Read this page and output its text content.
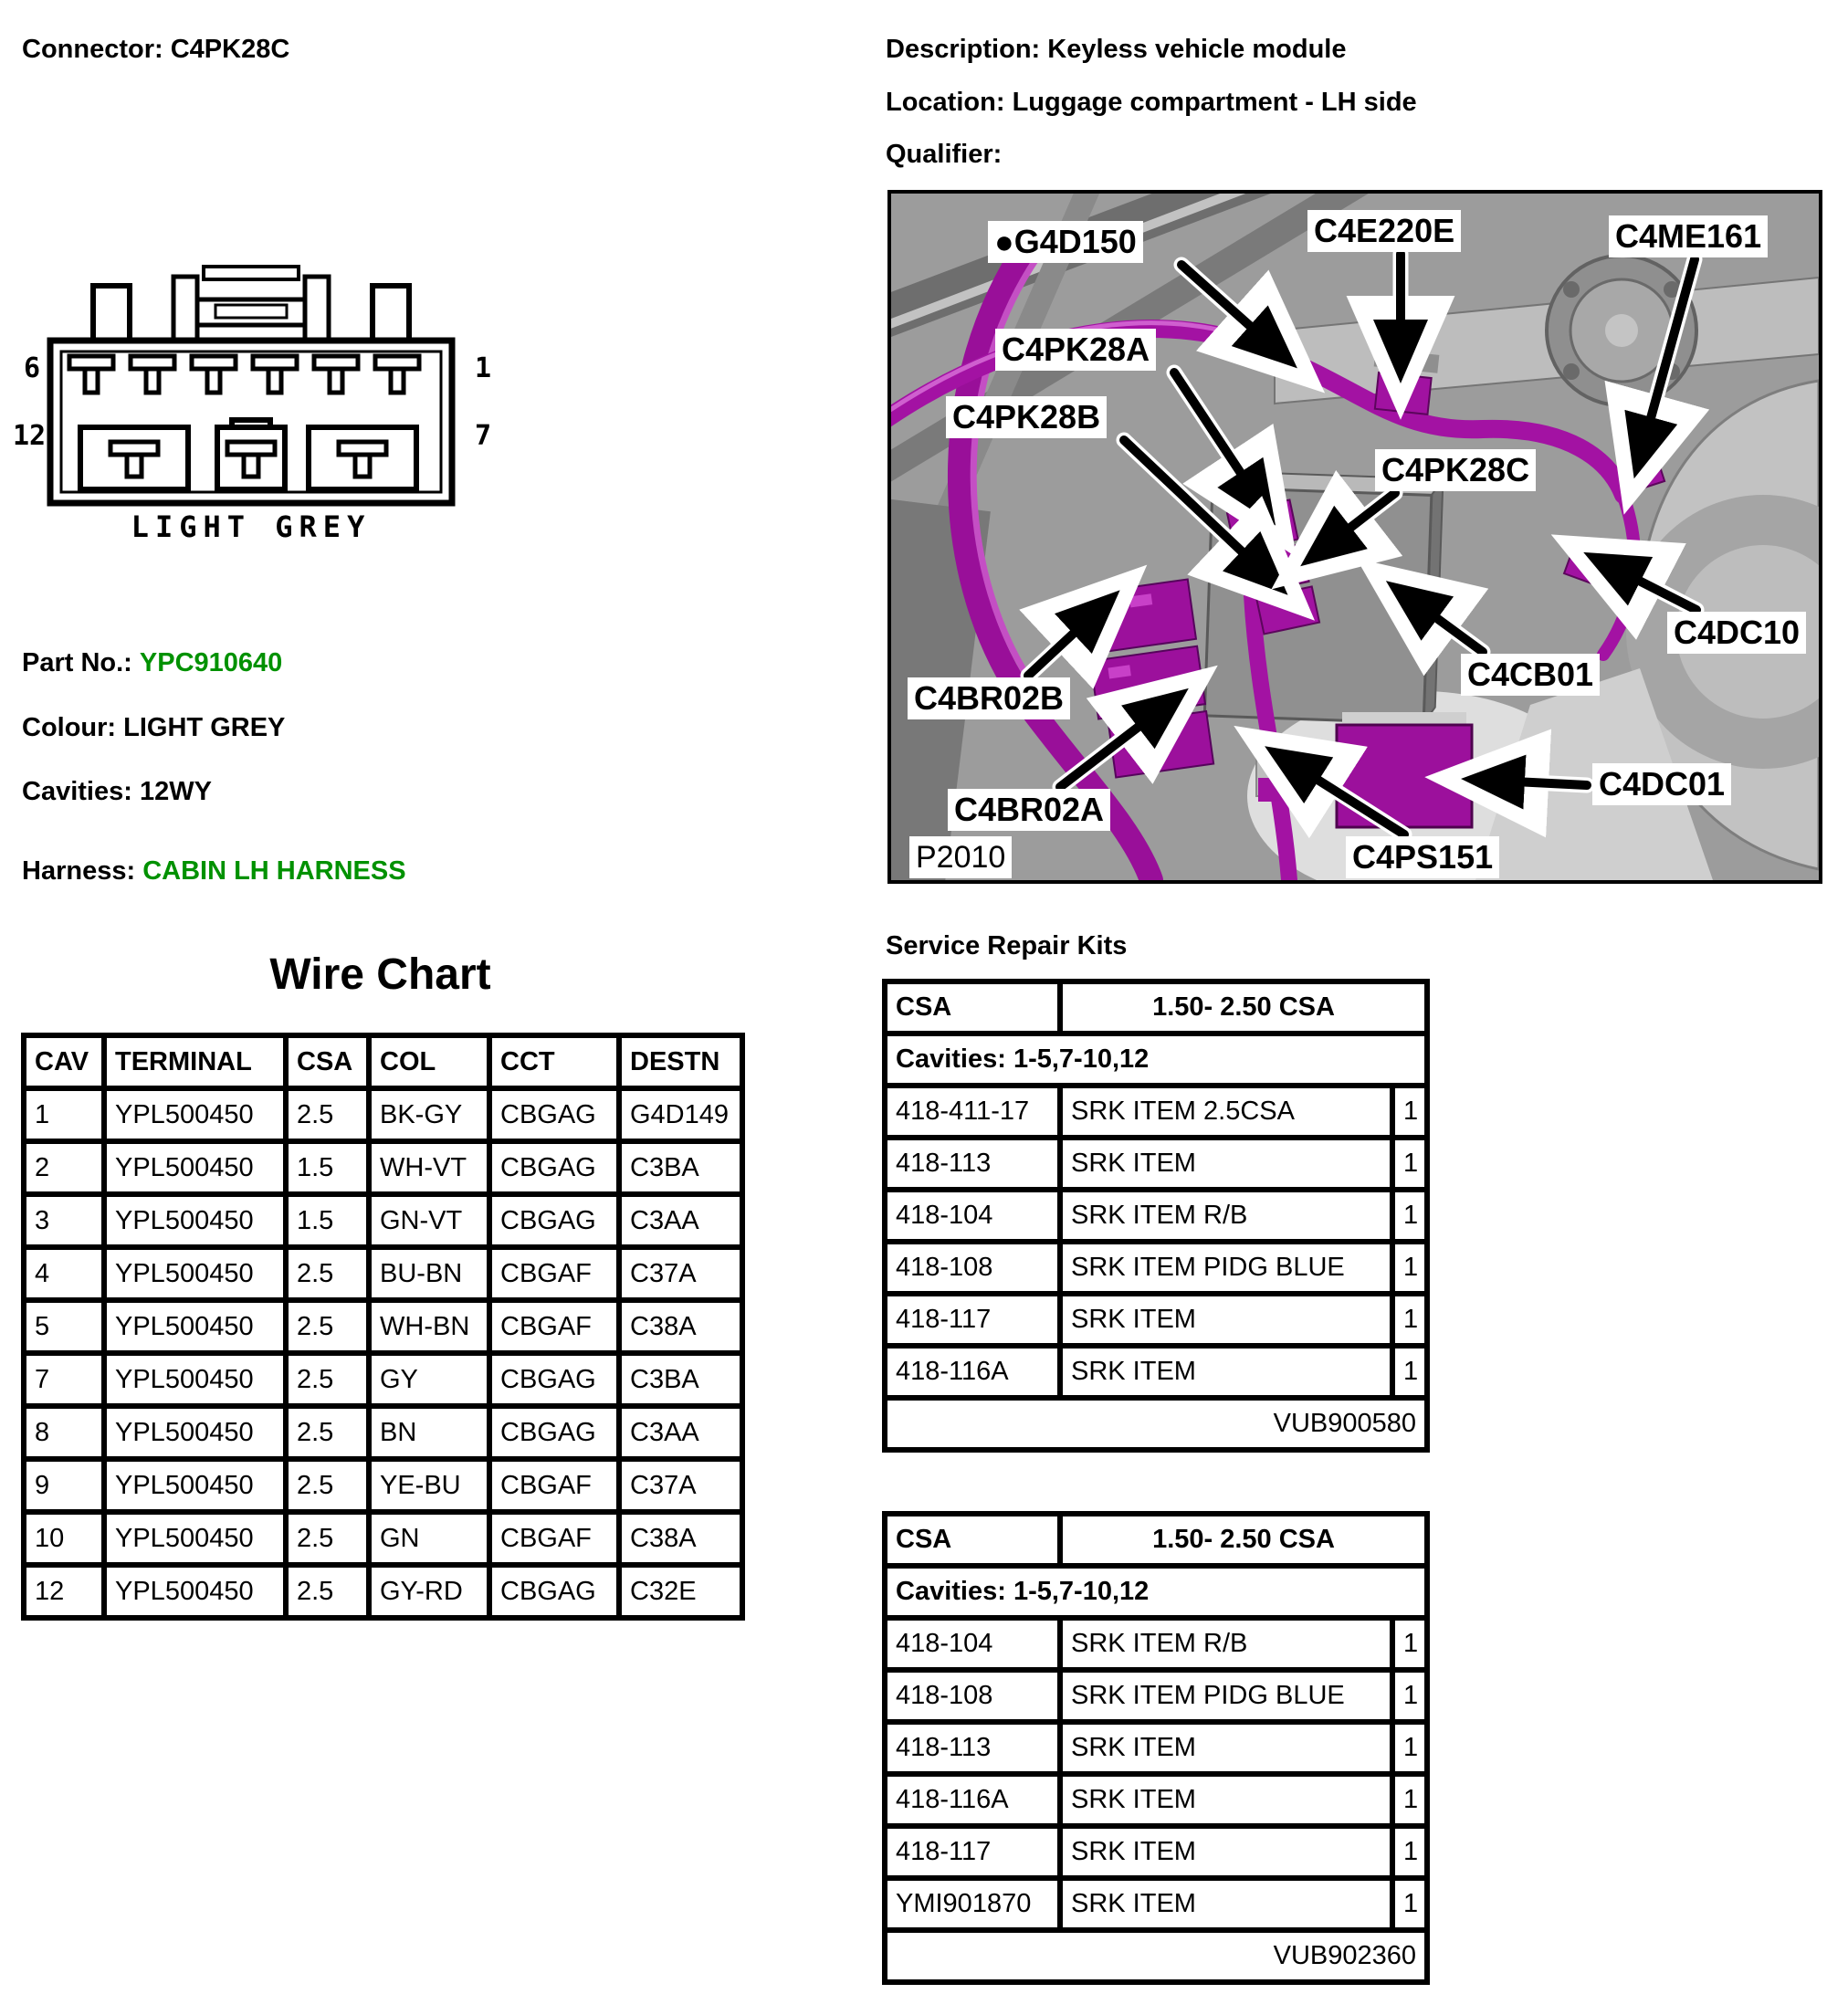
Connector: C4PK28C	Description: Keyless vehicle module
Location: Luggage compartment - LH side
Qualifier:
6	1
12	7
LIGHT GREY
Part No.: YPC910640
Colour: LIGHT GREY
Cavities: 12WY
Harness: CABIN LH HARNESS
Wire Chart
CAV	TERMINAL	CSA	COL	CCT	DESTN
1	YPL500450	2.5	BK-GY	CBGAG	G4D149
2	YPL500450	1.5	WH-VT	CBGAG	C3BA
3	YPL500450	1.5	GN-VT	CBGAG	C3AA
4	YPL500450	2.5	BU-BN	CBGAF	C37A
5	YPL500450	2.5	WH-BN	CBGAF	C38A
7	YPL500450	2.5	GY	CBGAG	C3BA
8	YPL500450	2.5	BN	CBGAG	C3AA
9	YPL500450	2.5	YE-BU	CBGAF	C37A
10	YPL500450	2.5	GN	CBGAF	C38A
12	YPL500450	2.5	GY-RD	CBGAG	C32E
●G4D150	C4E220E	C4ME161
C4PK28A
C4PK28B
C4PK28C
C4BR02B
C4CB01
C4DC10
C4BR02A
C4DC01
C4PS151
P2010
Service Repair Kits
CSA	1.50- 2.50 CSA	
Cavities: 1-5,7-10,12		
418-411-17	SRK ITEM 2.5CSA	1
418-113	SRK ITEM	1
418-104	SRK ITEM R/B	1
418-108	SRK ITEM PIDG BLUE	1
418-117	SRK ITEM	1
418-116A	SRK ITEM	1
VUB900580		
CSA	1.50- 2.50 CSA	
Cavities: 1-5,7-10,12		
418-104	SRK ITEM R/B	1
418-108	SRK ITEM PIDG BLUE	1
418-113	SRK ITEM	1
418-116A	SRK ITEM	1
418-117	SRK ITEM	1
YMI901870	SRK ITEM	1
VUB902360		
